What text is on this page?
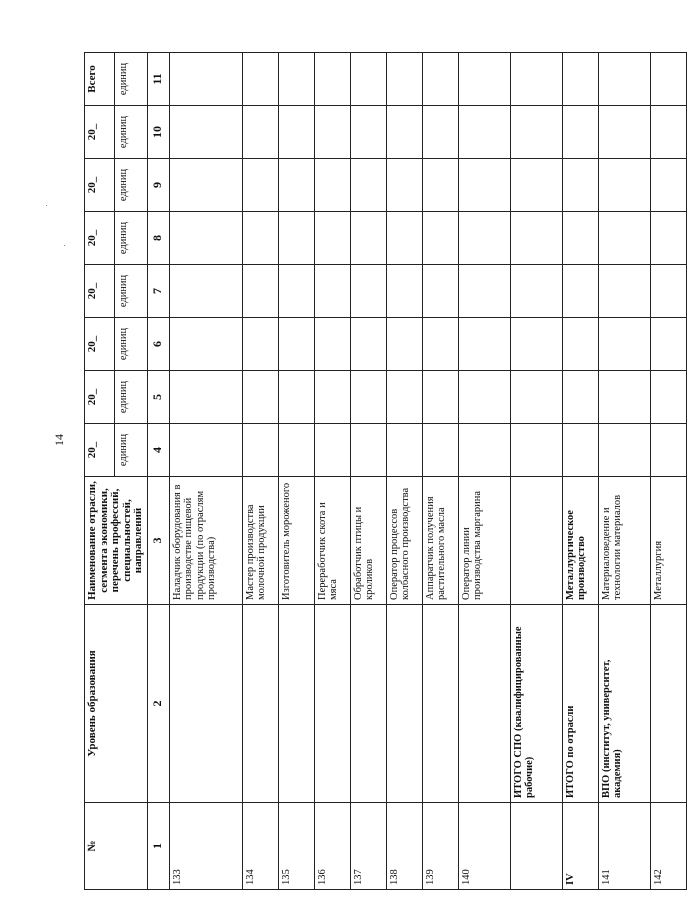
14
№	Уровень образования	Наименование отрасли, сегмента экономики, перечень профессий, специальностей, направлений	20_	20_	20_	20_	20_	20_	20_	Всего
			единиц	единиц	единиц	единиц	единиц	единиц	единиц	единиц
1	2	3	4	5	6	7	8	9	10	11
133		Наладчик оборудования в производстве пищевой продукции (по отраслям производства)								
134		Мастер производства молочной продукции								
135		Изготовитель мороженого								
136		Переработчик скота и мяса								
137		Обработчик птицы и кроликов								
138		Оператор процессов колбасного производства								
139		Аппаратчик получения растительного масла								
140		Оператор линии производства маргарина								
	ИТОГО СПО (квалифицированные рабочие)									
IV	ИТОГО по отрасли	Металлургическое производство								
141	ВПО (институт, университет, академия)	Материаловедение и технологии материалов								
142		Металлургия								
